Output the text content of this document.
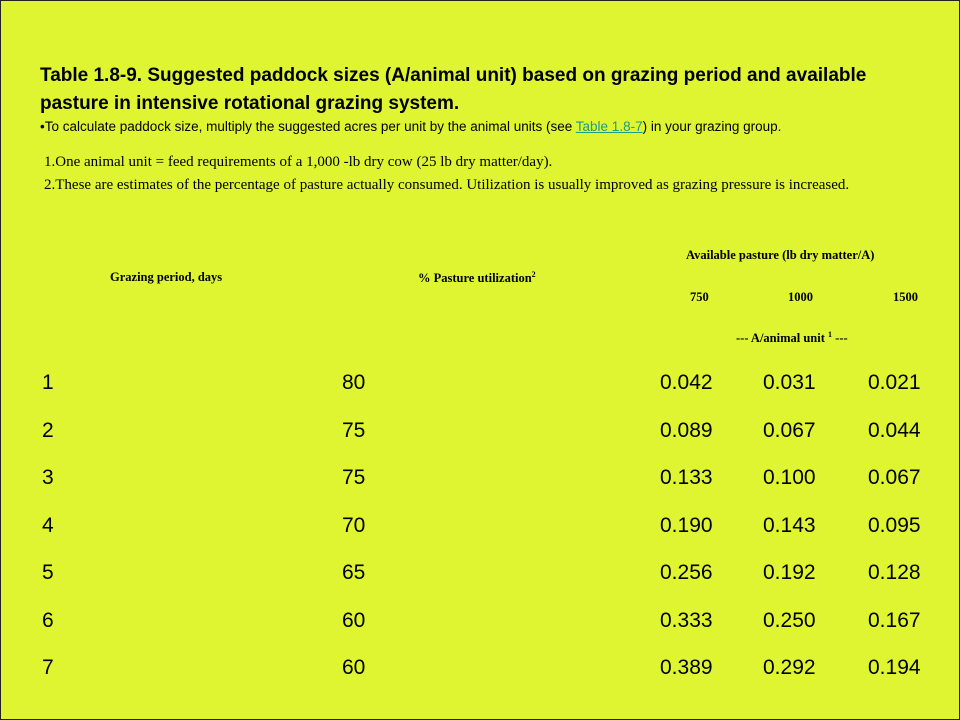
Table 1.8-9. Suggested paddock sizes (A/animal unit) based on grazing period and available pasture in intensive rotational grazing system.
•To calculate paddock size, multiply the suggested acres per unit by the animal units (see Table 1.8-7) in your grazing group.
1.One animal unit = feed requirements of a 1,000 -lb dry cow (25 lb dry matter/day).
2.These are estimates of the percentage of pasture actually consumed. Utilization is usually improved as grazing pressure is increased.
Grazing period, days	% Pasture utilization$^2$
Available pasture (lb dry matter/A)
750	1000	1500
--- A/animal unit $^1$ ---
1	80	0.042 0.031 0.021
2	75	0.089 0.067 0.044
3	75	0.133 0.100 0.067
4	70	0.190 0.143 0.095
5	65	0.256 0.192 0.128
6	60	0.333 0.250 0.167
7	60	0.389 0.292 0.194
